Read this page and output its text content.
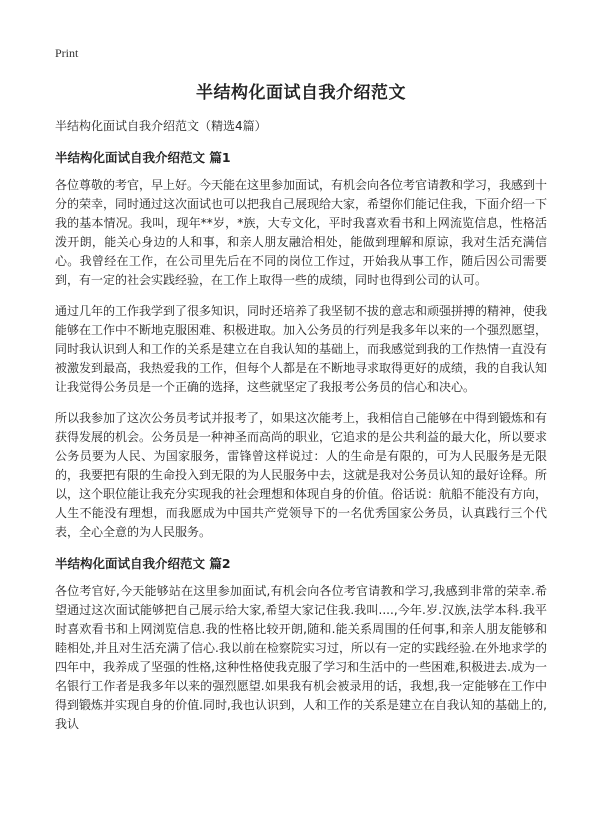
Print
半结构化面试自我介绍范文
半结构化面试自我介绍范文（精选4篇）
半结构化面试自我介绍范文 篇1

各位尊敬的考官，早上好。今天能在这里参加面试，有机会向各位考官请教和学习，我感到十分的荣幸，同时通过这次面试也可以把我自己展现给大家，希望你们能记住我，下面介绍一下我的基本情况。我叫，现年**岁，*族，大专文化，平时我喜欢看书和上网流览信息，性格活泼开朗，能关心身边的人和事，和亲人朋友融洽相处，能做到理解和原谅，我对生活充满信心。我曾经在工作，在公司里先后在不同的岗位工作过，开始我从事工作，随后因公司需要到，有一定的社会实践经验，在工作上取得一些的成绩，同时也得到公司的认可。

通过几年的工作我学到了很多知识，同时还培养了我坚韧不拔的意志和顽强拼搏的精神，使我能够在工作中不断地克服困难、积极进取。加入公务员的行列是我多年以来的一个强烈愿望，同时我认识到人和工作的关系是建立在自我认知的基础上，而我感觉到我的工作热情一直没有被激发到最高，我热爱我的工作，但每个人都是在不断地寻求取得更好的成绩，我的自我认知让我觉得公务员是一个正确的选择，这些就坚定了我报考公务员的信心和决心。

所以我参加了这次公务员考试并报考了，如果这次能考上，我相信自己能够在中得到锻炼和有获得发展的机会。公务员是一种神圣而高尚的职业，它追求的是公共利益的最大化，所以要求公务员要为人民、为国家服务，雷锋曾这样说过：人的生命是有限的，可为人民服务是无限的，我要把有限的生命投入到无限的为人民服务中去，这就是我对公务员认知的最好诠释。所以，这个职位能让我充分实现我的社会理想和体现自身的价值。俗话说：航船不能没有方向，人生不能没有理想，而我愿成为中国共产党领导下的一名优秀国家公务员，认真践行三个代表，全心全意的为人民服务。

半结构化面试自我介绍范文 篇2

各位考官好,今天能够站在这里参加面试,有机会向各位考官请教和学习,我感到非常的荣幸.希望通过这次面试能够把自己展示给大家,希望大家记住我.我叫....,今年.岁.汉族,法学本科.我平时喜欢看书和上网浏览信息.我的性格比较开朗,随和.能关系周围的任何事,和亲人朋友能够和睦相处,并且对生活充满了信心.我以前在检察院实习过，所以有一定的实践经验.在外地求学的四年中，我养成了坚强的性格,这种性格使我克服了学习和生活中的一些困难,积极进去.成为一名银行工作者是我多年以来的强烈愿望.如果我有机会被录用的话，我想,我一定能够在工作中得到锻炼并实现自身的价值.同时,我也认识到，人和工作的关系是建立在自我认知的基础上的,我认
